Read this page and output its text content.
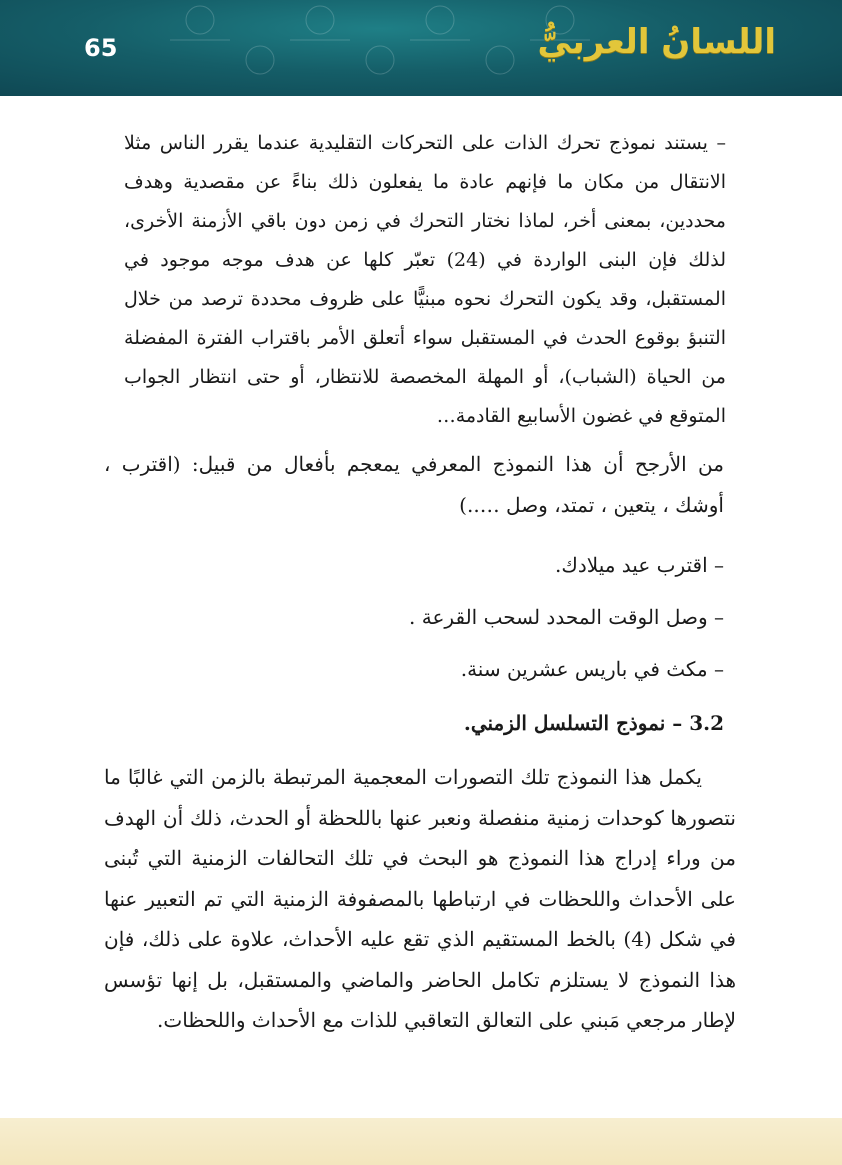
65	اللسانُ العربيُّ

– يستند نموذج تحرك الذات على التحركات التقليدية عندما يقرر الناس مثلا الانتقال من مكان ما فإنهم عادة ما يفعلون ذلك بناءً عن مقصدية وهدف محددين، بمعنى أخر، لماذا نختار التحرك في زمن دون باقي الأزمنة الأخرى، لذلك فإن البنى الواردة في (24) تعبّر كلها عن هدف موجه موجود في المستقبل، وقد يكون التحرك نحوه مبنيًّا على ظروف محددة ترصد من خلال التنبؤ بوقوع الحدث في المستقبل سواء أتعلق الأمر باقتراب الفترة المفضلة من الحياة (الشباب)، أو المهلة المخصصة للانتظار، أو حتى انتظار الجواب المتوقع في غضون الأسابيع القادمة…

من الأرجح أن هذا النموذج المعرفي يمعجم بأفعال من قبيل: (اقترب ، أوشك ، يتعين ، تمتد، وصل …..)

– اقترب عيد ميلادك.
– وصل الوقت المحدد لسحب القرعة .
– مكث في باريس عشرين سنة.
3.2 – نموذج التسلسل الزمني.

يكمل هذا النموذج تلك التصورات المعجمية المرتبطة بالزمن التي غالبًا ما نتصورها كوحدات زمنية منفصلة ونعبر عنها باللحظة أو الحدث، ذلك أن الهدف من وراء إدراج هذا النموذج هو البحث في تلك التحالفات الزمنية التي تُبنى على الأحداث واللحظات في ارتباطها بالمصفوفة الزمنية التي تم التعبير عنها في شكل (4) بالخط المستقيم الذي تقع عليه الأحداث، علاوة على ذلك، فإن هذا النموذج لا يستلزم تكامل الحاضر والماضي والمستقبل، بل إنها تؤسس لإطار مرجعي مَبني على التعالق التعاقبي للذات مع الأحداث واللحظات.
